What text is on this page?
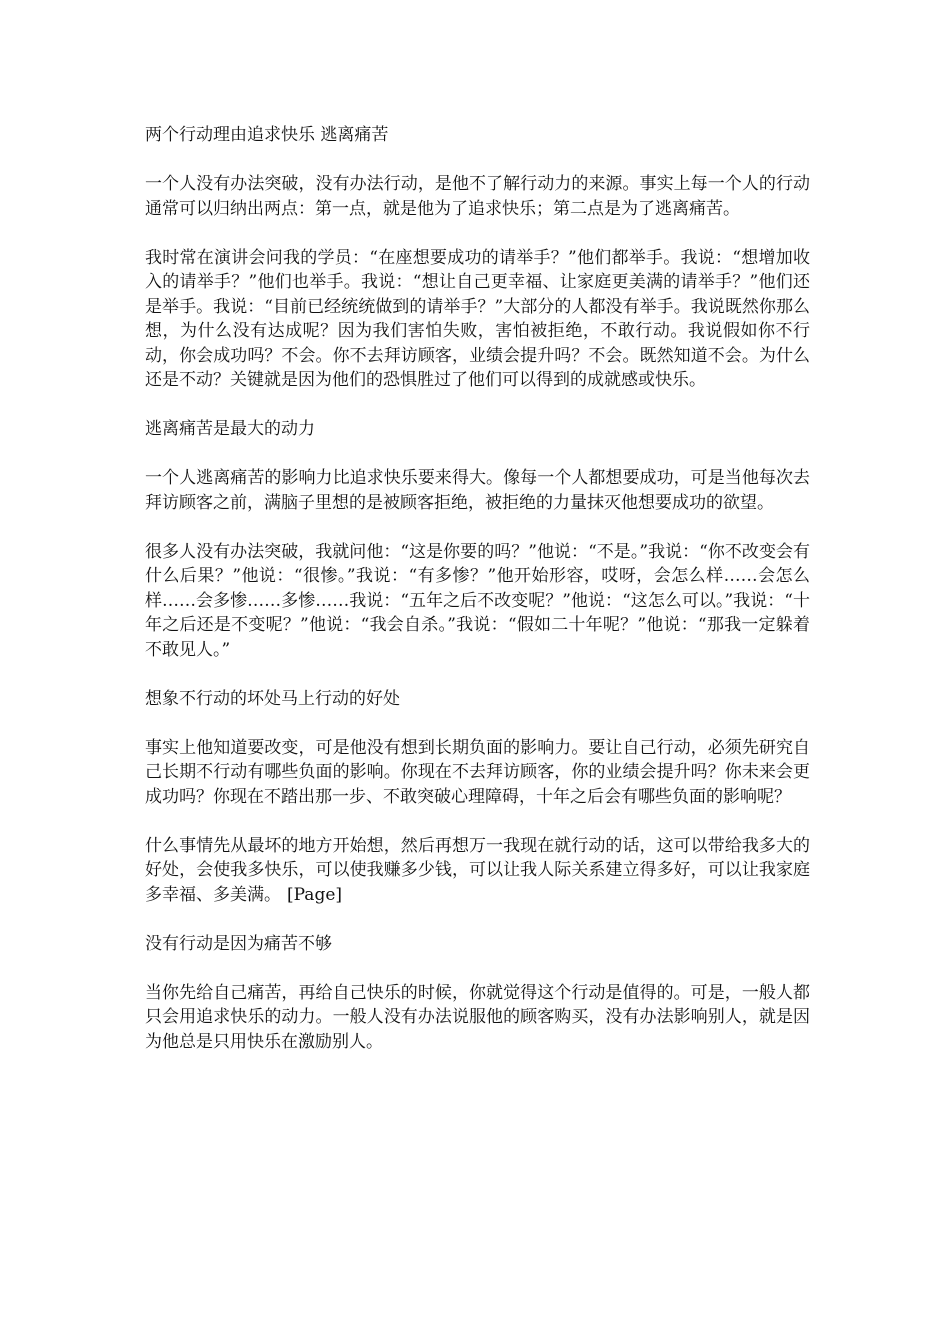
两个行动理由追求快乐 逃离痛苦

一个人没有办法突破，没有办法行动，是他不了解行动力的来源。事实上每一个人的行动通常可以归纳出两点：第一点，就是他为了追求快乐；第二点是为了逃离痛苦。

我时常在演讲会问我的学员：“在座想要成功的请举手？”他们都举手。我说：“想增加收入的请举手？”他们也举手。我说：“想让自己更幸福、让家庭更美满的请举手？”他们还是举手。我说：“目前已经统统做到的请举手？”大部分的人都没有举手。我说既然你那么想，为什么没有达成呢？因为我们害怕失败，害怕被拒绝，不敢行动。我说假如你不行动，你会成功吗？不会。你不去拜访顾客，业绩会提升吗？不会。既然知道不会。为什么还是不动？关键就是因为他们的恐惧胜过了他们可以得到的成就感或快乐。

逃离痛苦是最大的动力

一个人逃离痛苦的影响力比追求快乐要来得大。像每一个人都想要成功，可是当他每次去拜访顾客之前，满脑子里想的是被顾客拒绝，被拒绝的力量抹灭他想要成功的欲望。

很多人没有办法突破，我就问他：“这是你要的吗？”他说：“不是。”我说：“你不改变会有什么后果？”他说：“很惨。”我说：“有多惨？”他开始形容，哎呀，会怎么样……会怎么样……会多惨……多惨……我说：“五年之后不改变呢？”他说：“这怎么可以。”我说：“十年之后还是不变呢？”他说：“我会自杀。”我说：“假如二十年呢？”他说：“那我一定躲着不敢见人。”

想象不行动的坏处马上行动的好处

事实上他知道要改变，可是他没有想到长期负面的影响力。要让自己行动，必须先研究自己长期不行动有哪些负面的影响。你现在不去拜访顾客，你的业绩会提升吗？你未来会更成功吗？你现在不踏出那一步、不敢突破心理障碍，十年之后会有哪些负面的影响呢？

什么事情先从最坏的地方开始想，然后再想万一我现在就行动的话，这可以带给我多大的好处，会使我多快乐，可以使我赚多少钱，可以让我人际关系建立得多好，可以让我家庭多幸福、多美满。 [Page]

没有行动是因为痛苦不够

当你先给自己痛苦，再给自己快乐的时候，你就觉得这个行动是值得的。可是，一般人都只会用追求快乐的动力。一般人没有办法说服他的顾客购买，没有办法影响别人，就是因为他总是只用快乐在激励别人。
